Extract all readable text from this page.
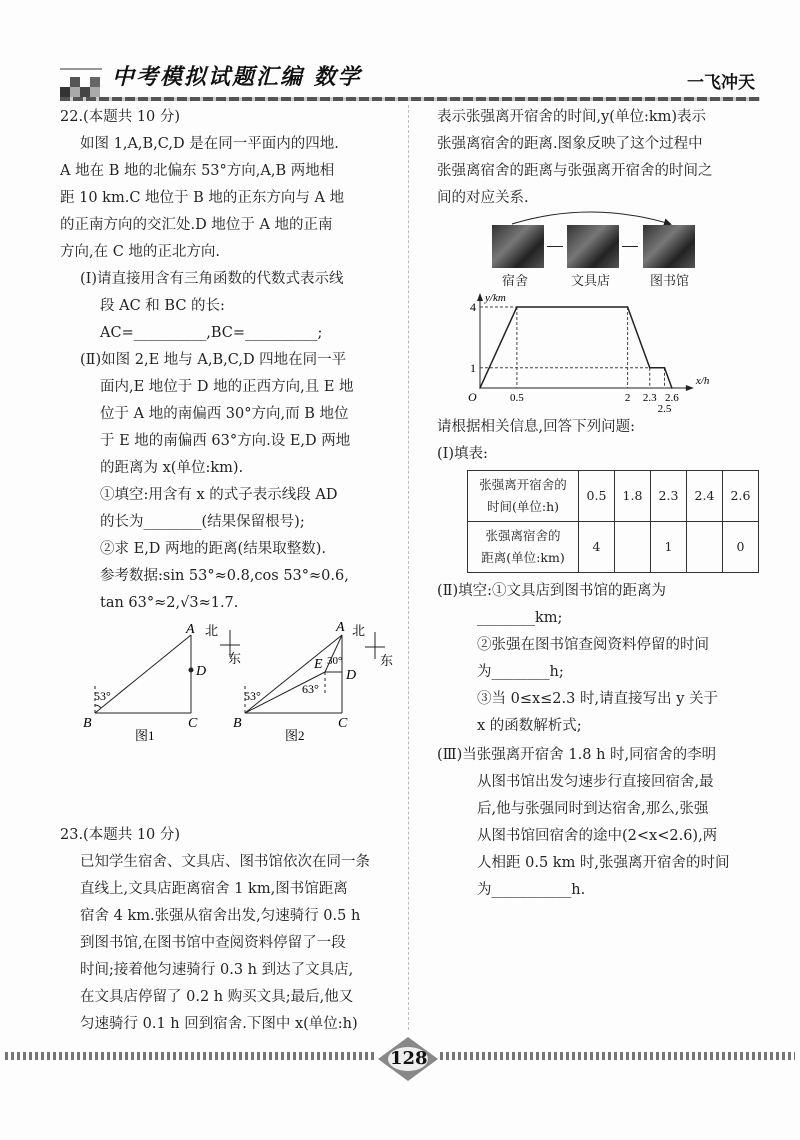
中考模拟试题汇编 数学	一飞冲天
22.(本题共 10 分)
如图 1,A,B,C,D 是在同一平面内的四地.
A 地在 B 地的北偏东 53°方向,A,B 两地相
距 10 km.C 地位于 B 地的正东方向与 A 地
的正南方向的交汇处.D 地位于 A 地的正南
方向,在 C 地的正北方向.
(Ⅰ)请直接用含有三角函数的代数式表示线
段 AC 和 BC 的长:
AC=__________,BC=__________;
(Ⅱ)如图 2,E 地与 A,B,C,D 四地在同一平
面内,E 地位于 D 地的正西方向,且 E 地
位于 A 地的南偏西 30°方向,而 B 地位
于 E 地的南偏西 63°方向.设 E,D 两地
的距离为 x(单位:km).
①填空:用含有 x 的式子表示线段 AD
的长为________(结果保留根号);
②求 E,D 两地的距离(结果取整数).
参考数据:sin 53°≈0.8,cos 53°≈0.6,
tan 63°≈2,√3≈1.7.
B
A
C
D
53°
北
东
图1
B
A
C
D
E
53°	63°
30°
北
东
图2
23.(本题共 10 分)
已知学生宿舍、文具店、图书馆依次在同一条
直线上,文具店距离宿舍 1 km,图书馆距离
宿舍 4 km.张强从宿舍出发,匀速骑行 0.5 h
到图书馆,在图书馆中查阅资料停留了一段
时间;接着他匀速骑行 0.3 h 到达了文具店,
在文具店停留了 0.2 h 购买文具;最后,他又
匀速骑行 0.1 h 回到宿舍.下图中 x(单位:h)
表示张强离开宿舍的时间,y(单位:km)表示
张强离宿舍的距离.图象反映了这个过程中
张强离宿舍的距离与张强离开宿舍的时间之
间的对应关系.
宿舍	文具店	图书馆
1
4
0.5	2 2.3
2.5
2.6
O
x/h
y/km
请根据相关信息,回答下列问题:
(Ⅰ)填表:
张强离开宿舍的
时间(单位:h)	0.5	1.8	2.3	2.4	2.6

张强离宿舍的
距离(单位:km)	4		1		0
(Ⅱ)填空:①文具店到图书馆的距离为
________km;
②张强在图书馆查阅资料停留的时间
为________h;
③当 0≤x≤2.3 时,请直接写出 y 关于
x 的函数解析式;
(Ⅲ)当张强离开宿舍 1.8 h 时,同宿舍的李明
从图书馆出发匀速步行直接回宿舍,最
后,他与张强同时到达宿舍,那么,张强
从图书馆回宿舍的途中(2<x<2.6),两
人相距 0.5 km 时,张强离开宿舍的时间
为___________h.
128
